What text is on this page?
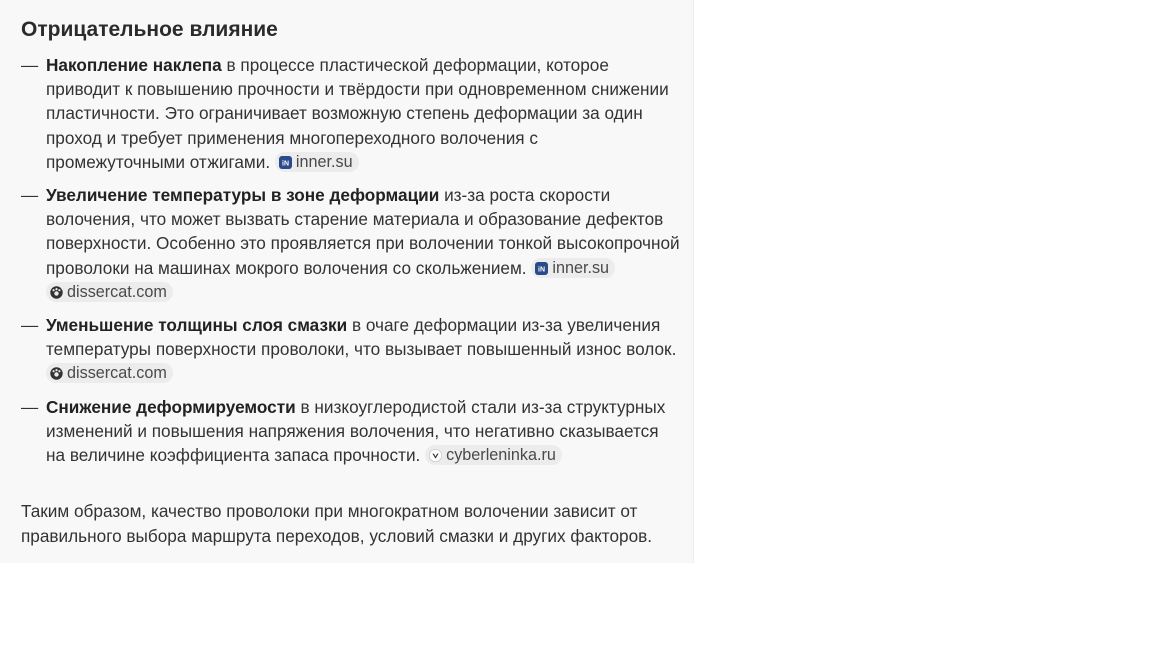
Отрицательное влияние
— Накопление наклепа в процессе пластической деформации, которое приводит к повышению прочности и твёрдости при одновременном снижении пластичности. Это ограничивает возможную степень деформации за один проход и требует применения многопереходного волочения с промежуточными отжигами. iN inner.su
— Увеличение температуры в зоне деформации из-за роста скорости волочения, что может вызвать старение материала и образование дефектов поверхности. Особенно это проявляется при волочении тонкой высокопрочной проволоки на машинах мокрого волочения со скольжением. iN inner.su dissercat.com
— Уменьшение толщины слоя смазки в очаге деформации из-за увеличения температуры поверхности проволоки, что вызывает повышенный износ волок. dissercat.com
— Снижение деформируемости в низкоуглеродистой стали из-за структурных изменений и повышения напряжения волочения, что негативно сказывается на величине коэффициента запаса прочности. cyberleninka.ru

Таким образом, качество проволоки при многократном волочении зависит от правильного выбора маршрута переходов, условий смазки и других факторов.
